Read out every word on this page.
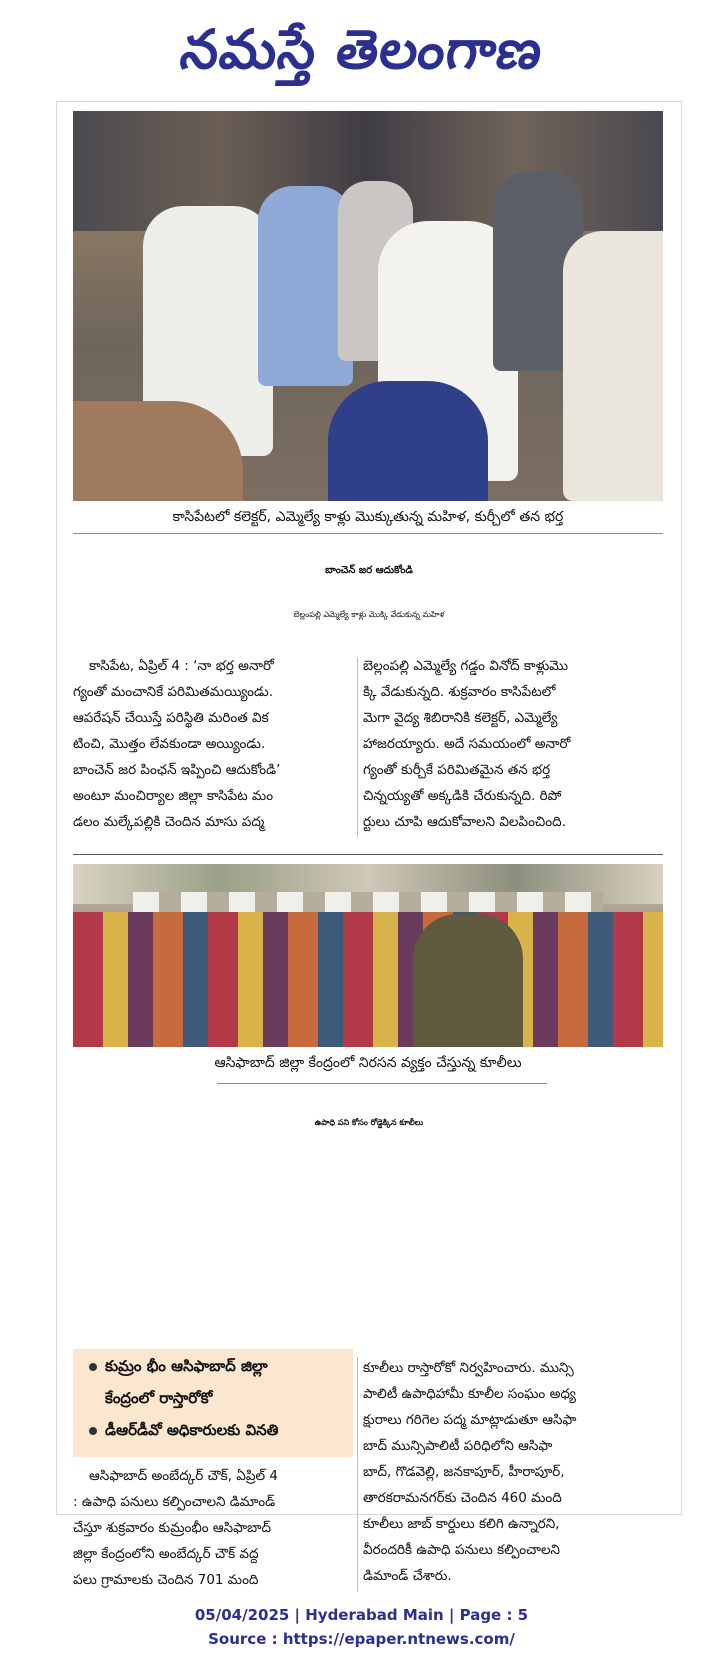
నమస్తే తెలంగాణ
కాసిపేటలో కలెక్టర్‌, ఎమ్మెల్యే కాళ్లు మొక్కుతున్న మహిళ, కుర్చీలో తన భర్త
బాంచెన్‌ జర ఆదుకోండి
బెల్లంపల్లి ఎమ్మెల్యే కాళ్లు మొక్కి వేడుకున్న మహిళ
కాసిపేట, ఏప్రిల్‌ 4 : ‘నా భర్త అనారో
గ్యంతో మంచానికే పరిమితమయ్యిండు.
ఆపరేషన్‌ చేయిస్తే పరిస్థితి మరింత విక
టించి, మొత్తం లేవకుండా అయ్యిండు.
బాంచెన్‌ జర పింఛన్‌ ఇప్పించి ఆదుకోండి’
అంటూ మంచిర్యాల జిల్లా కాసిపేట మం
డలం మల్కేపల్లికి చెందిన మాసు పద్మ
బెల్లంపల్లి ఎమ్మెల్యే గడ్డం వినోద్‌ కాళ్లుమొ
క్కి వేడుకున్నది. శుక్రవారం కాసిపేటలో
మెగా వైద్య శిబిరానికి కలెక్టర్‌, ఎమ్మెల్యే
హాజరయ్యారు. అదే సమయంలో అనారో
గ్యంతో కుర్చీకే పరిమితమైన తన భర్త
చిన్నయ్యతో అక్కడికి చేరుకున్నది. రిపో
ర్టులు చూపి ఆదుకోవాలని విలపించింది.
ఆసిఫాబాద్‌ జిల్లా కేంద్రంలో నిరసన వ్యక్తం చేస్తున్న కూలీలు
ఉపాధి పని కోసం రోడ్డెక్కిన కూలీలు
కుమ్రం భీం ఆసిఫాబాద్‌ జిల్లా
కేంద్రంలో రాస్తారోకో
డీఆర్‌డీవో అధికారులకు వినతి
ఆసిఫాబాద్‌ అంబేద్కర్‌ చౌక్‌, ఏప్రిల్‌ 4
: ఉపాధి పనులు కల్పించాలని డిమాండ్‌
చేస్తూ శుక్రవారం కుమ్రంభీం ఆసిఫాబాద్‌
జిల్లా కేంద్రంలోని అంబేద్కర్‌ చౌక్‌ వద్ద
పలు గ్రామాలకు చెందిన 701 మంది
కూలీలు రాస్తారోకో నిర్వహించారు. మున్సి
పాలిటీ ఉపాధిహామీ కూలీల సంఘం అధ్య
క్షురాలు గరిగెల పద్మ మాట్లాడుతూ ఆసిఫా
బాద్‌ మున్సిపాలిటీ పరిధిలోని ఆసిఫా
బాద్‌, గొడవెల్లి, జనకాపూర్‌, హీరాపూర్‌,
తారకరామనగర్‌కు చెందిన 460 మంది
కూలీలు జాబ్‌ కార్డులు కలిగి ఉన్నారని,
వీరందరికీ ఉపాధి పనులు కల్పించాలని
డిమాండ్‌ చేశారు.
05/04/2025 | Hyderabad Main | Page : 5
Source : https://epaper.ntnews.com/
